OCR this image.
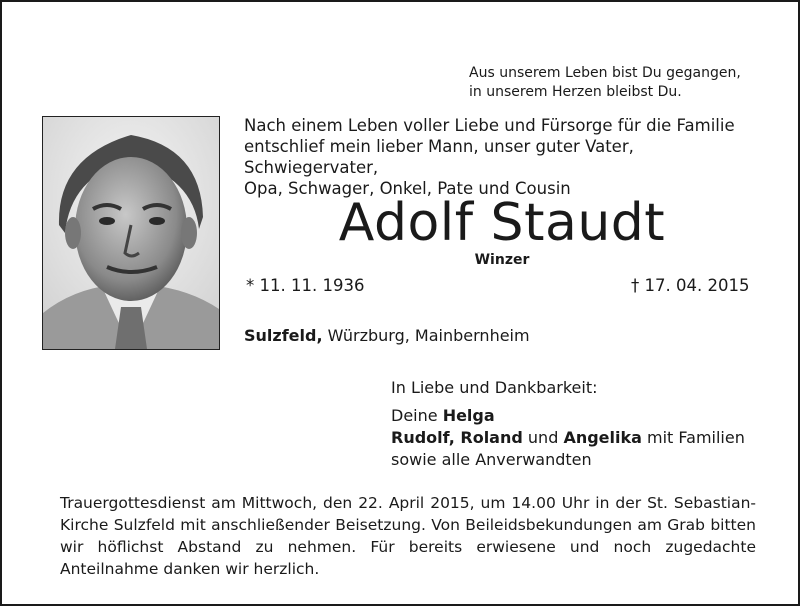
Aus unserem Leben bist Du gegangen,
in unserem Herzen bleibst Du.
Nach einem Leben voller Liebe und Fürsorge für die Familie
entschlief mein lieber Mann, unser guter Vater, Schwiegervater,
Opa, Schwager, Onkel, Pate und Cousin
Adolf Staudt
Winzer
* 11. 11. 1936	† 17. 04. 2015
Sulzfeld, Würzburg, Mainbernheim
In Liebe und Dankbarkeit:
Deine Helga
Rudolf, Roland und Angelika mit Familien
sowie alle Anverwandten
Trauergottesdienst am Mittwoch, den 22. April 2015, um 14.00 Uhr in der St. Sebastian-Kirche Sulzfeld mit anschließender Beisetzung. Von Beileidsbekundungen am Grab bitten wir höflichst Abstand zu nehmen. Für bereits erwiesene und noch zugedachte Anteilnahme danken wir herzlich.
